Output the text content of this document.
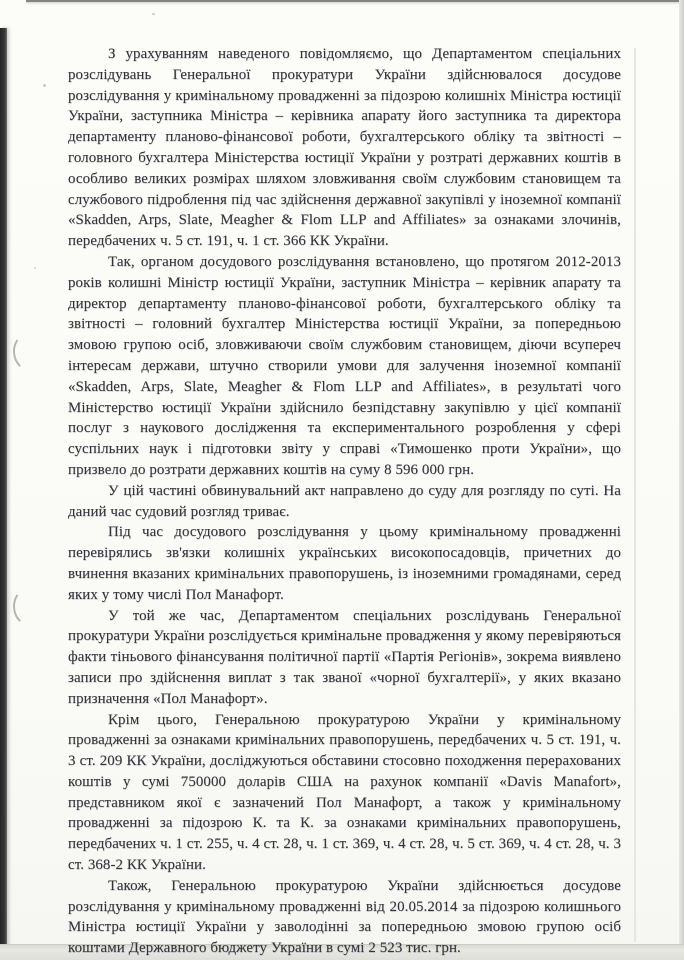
З урахуванням наведеного повідомляємо, що Департаментом спеціальних розслідувань Генеральної прокуратури України здійснювалося досудове розслідування у кримінальному провадженні за підозрою колишніх Міністра юстиції України, заступника Міністра – керівника апарату його заступника та директора департаменту планово-фінансової роботи, бухгалтерського обліку та звітності – головного бухгалтера Міністерства юстиції України у розтраті державних коштів в особливо великих розмірах шляхом зловживання своїм службовим становищем та службового підроблення під час здійснення державної закупівлі у іноземної компанії «Skadden, Arps, Slate, Meagher & Flom LLP and Affiliates» за ознаками злочинів, передбачених ч. 5 ст. 191, ч. 1 ст. 366 КК України.

Так, органом досудового розслідування встановлено, що протягом 2012-2013 років колишні Міністр юстиції України, заступник Міністра – керівник апарату та директор департаменту планово-фінансової роботи, бухгалтерського обліку та звітності – головний бухгалтер Міністерства юстиції України, за попередньою змовою групою осіб, зловживаючи своїм службовим становищем, діючи всупереч інтересам держави, штучно створили умови для залучення іноземної компанії «Skadden, Arps, Slate, Meagher & Flom LLP and Affiliates», в результаті чого Міністерство юстиції України здійснило безпідставну закупівлю у цієї компанії послуг з наукового дослідження та експериментального розроблення у сфері суспільних наук і підготовки звіту у справі «Тимошенко проти України», що призвело до розтрати державних коштів на суму 8 596 000 грн.

У цій частині обвинувальний акт направлено до суду для розгляду по суті. На даний час судовий розгляд триває.

Під час досудового розслідування у цьому кримінальному провадженні перевірялись зв'язки колишніх українських високопосадовців, причетних до вчинення вказаних кримінальних правопорушень, із іноземними громадянами, серед яких у тому числі Пол Манафорт.

У той же час, Департаментом спеціальних розслідувань Генеральної прокуратури України розслідується кримінальне провадження у якому перевіряються факти тіньового фінансування політичної партії «Партія Регіонів», зокрема виявлено записи про здійснення виплат з так званої «чорної бухгалтерії», у яких вказано призначення «Пол Манафорт».

Крім цього, Генеральною прокуратурою України у кримінальному провадженні за ознаками кримінальних правопорушень, передбачених ч. 5 ст. 191, ч. 3 ст. 209 КК України, досліджуються обставини стосовно походження перерахованих коштів у сумі 750000 доларів США на рахунок компанії «Davis Manafort», представником якої є зазначений Пол Манафорт, а також у кримінальному провадженні за підозрою К. та К. за ознаками кримінальних правопорушень, передбачених ч. 1 ст. 255, ч. 4 ст. 28, ч. 1 ст. 369, ч. 4 ст. 28, ч. 5 ст. 369, ч. 4 ст. 28, ч. 3 ст. 368-2 КК України.

Також, Генеральною прокуратурою України здійснюється досудове розслідування у кримінальному провадженні від 20.05.2014 за підозрою колишнього Міністра юстиції України у заволодінні за попередньою змовою групою осіб коштами Державного бюджету України в сумі 2 523 тис. грн.
